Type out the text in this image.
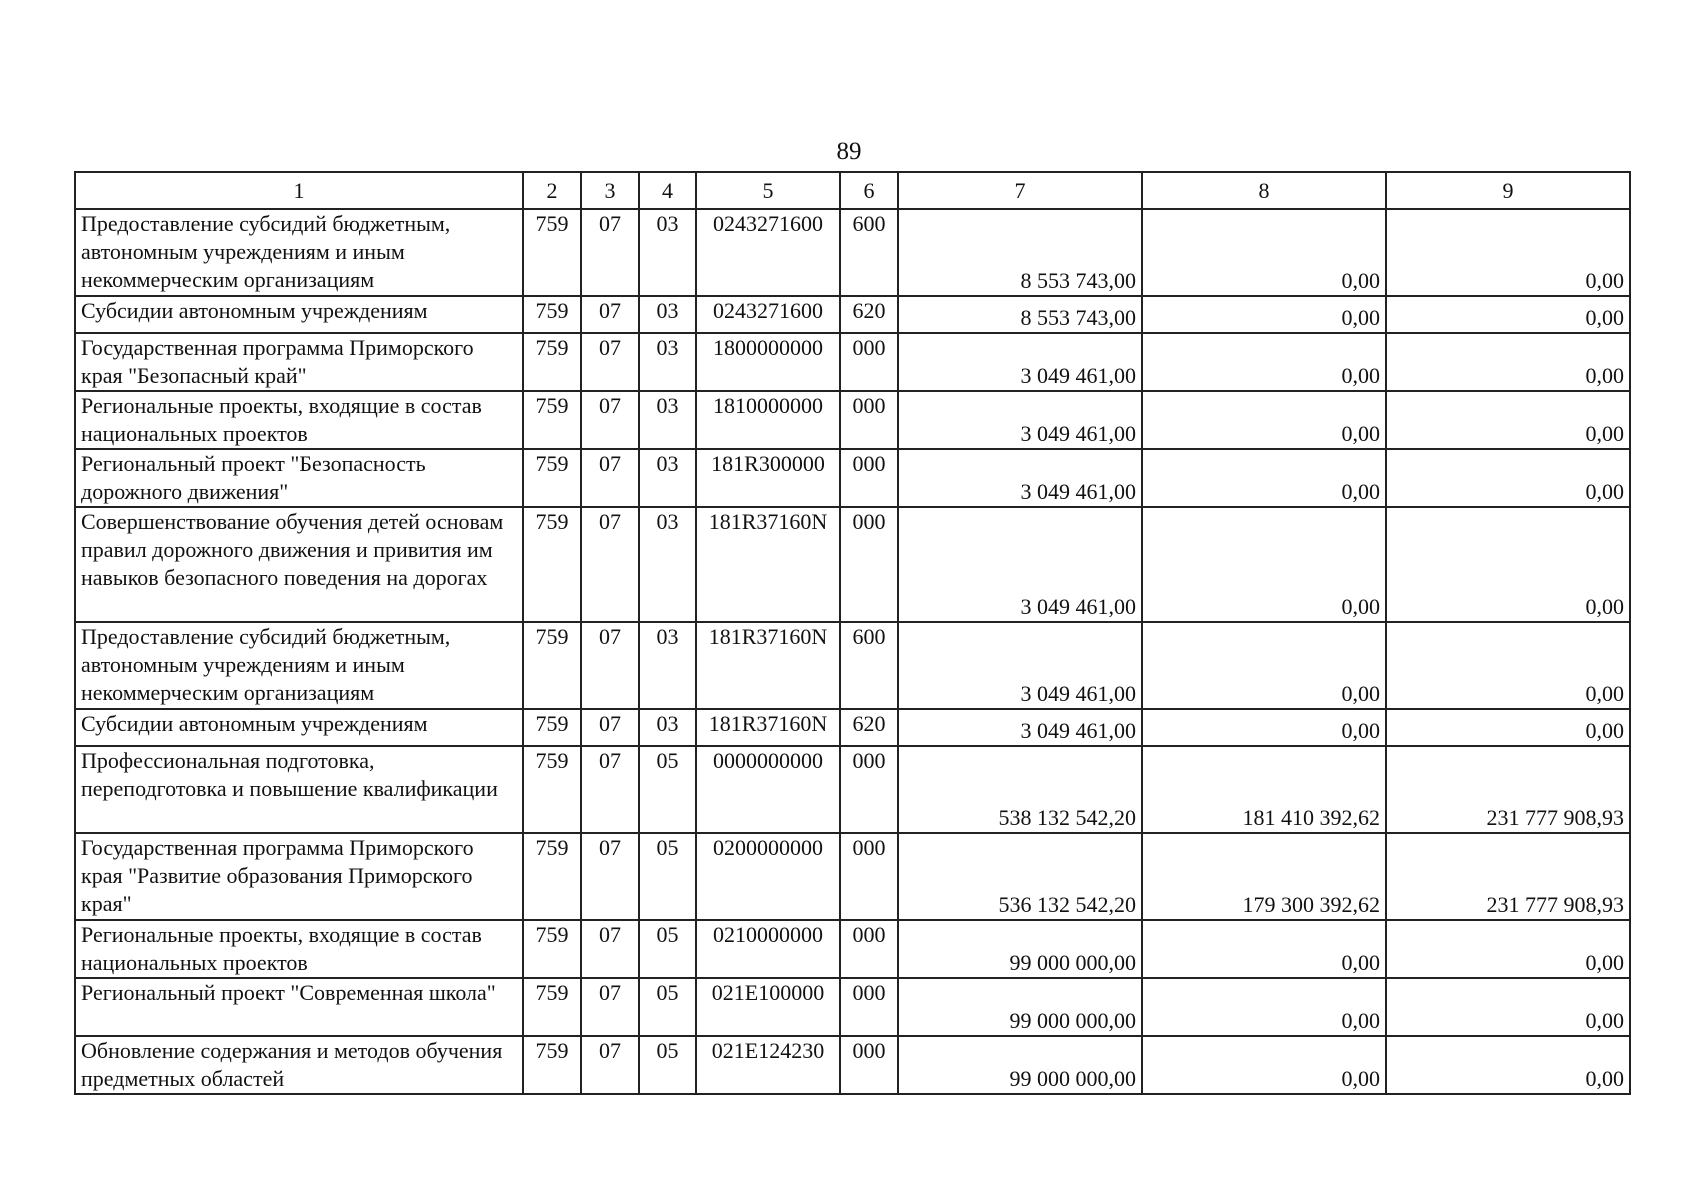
89
1	2	3	4	5	6	7	8	9
Предоставление субсидий бюджетным, автономным учреждениям и иным некоммерческим организациям	759	07	03	0243271600	600	8 553 743,00	0,00	0,00
Субсидии автономным учреждениям	759	07	03	0243271600	620	8 553 743,00	0,00	0,00
Государственная программа Приморского края "Безопасный край"	759	07	03	1800000000	000	3 049 461,00	0,00	0,00
Региональные проекты, входящие в состав национальных проектов	759	07	03	1810000000	000	3 049 461,00	0,00	0,00
Региональный проект "Безопасность дорожного движения"	759	07	03	181R300000	000	3 049 461,00	0,00	0,00
Совершенствование обучения детей основам правил дорожного движения и привития им навыков безопасного поведения на дорогах	759	07	03	181R37160N	000	3 049 461,00	0,00	0,00
Предоставление субсидий бюджетным, автономным учреждениям и иным некоммерческим организациям	759	07	03	181R37160N	600	3 049 461,00	0,00	0,00
Субсидии автономным учреждениям	759	07	03	181R37160N	620	3 049 461,00	0,00	0,00
Профессиональная подготовка, переподготовка и повышение квалификации	759	07	05	0000000000	000	538 132 542,20	181 410 392,62	231 777 908,93
Государственная программа Приморского края "Развитие образования Приморского края"	759	07	05	0200000000	000	536 132 542,20	179 300 392,62	231 777 908,93
Региональные проекты, входящие в состав национальных проектов	759	07	05	0210000000	000	99 000 000,00	0,00	0,00
Региональный проект "Современная школа"	759	07	05	021E100000	000	99 000 000,00	0,00	0,00
Обновление содержания и методов обучения предметных областей	759	07	05	021E124230	000	99 000 000,00	0,00	0,00
